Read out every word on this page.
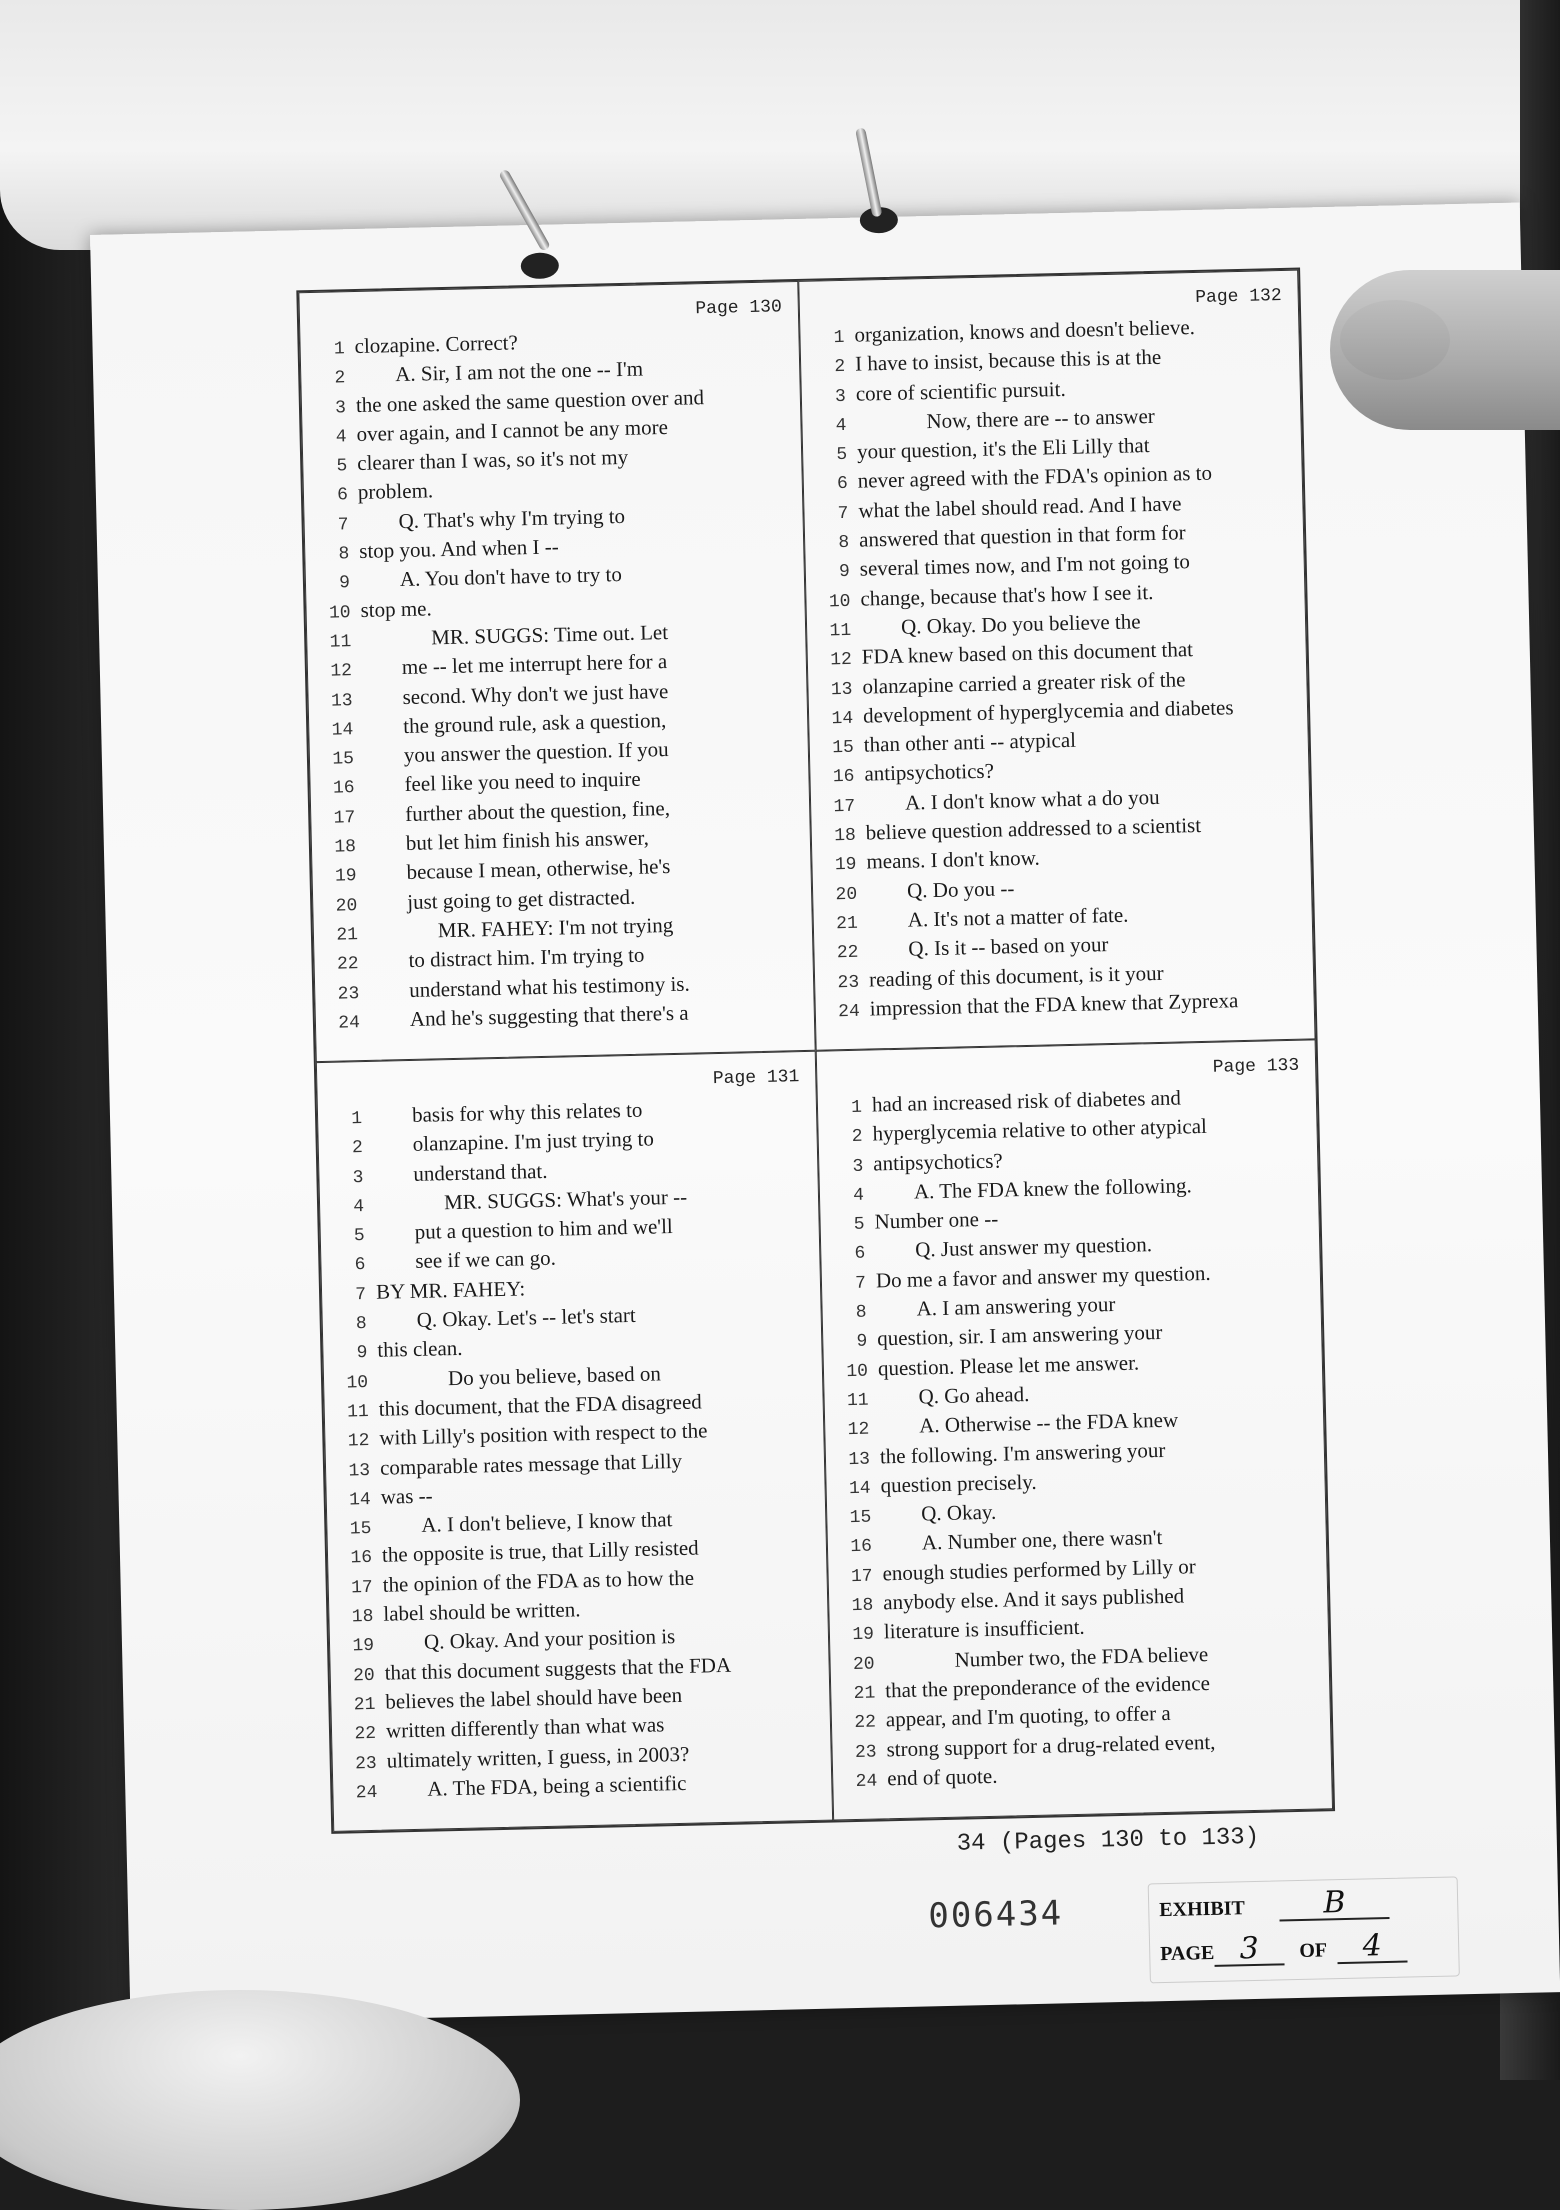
Page 130
1 clozapine. Correct?
2	A. Sir, I am not the one -- I'm
3 the one asked the same question over and
4 over again, and I cannot be any more
5 clearer than I was, so it's not my
6 problem.
7	Q. That's why I'm trying to
8 stop you. And when I --
9	A. You don't have to try to
10 stop me.
11	MR. SUGGS: Time out. Let
12	me -- let me interrupt here for a
13	second. Why don't we just have
14	the ground rule, ask a question,
15	you answer the question. If you
16	feel like you need to inquire
17	further about the question, fine,
18	but let him finish his answer,
19	because I mean, otherwise, he's
20	just going to get distracted.
21	MR. FAHEY: I'm not trying
22	to distract him. I'm trying to
23	understand what his testimony is.
24	And he's suggesting that there's a
Page 132
1 organization, knows and doesn't believe.
2 I have to insist, because this is at the
3 core of scientific pursuit.
4	Now, there are -- to answer
5 your question, it's the Eli Lilly that
6 never agreed with the FDA's opinion as to
7 what the label should read. And I have
8 answered that question in that form for
9 several times now, and I'm not going to
10 change, because that's how I see it.
11	Q. Okay. Do you believe the
12 FDA knew based on this document that
13 olanzapine carried a greater risk of the
14 development of hyperglycemia and diabetes
15 than other anti -- atypical
16 antipsychotics?
17	A. I don't know what a do you
18 believe question addressed to a scientist
19 means. I don't know.
20	Q. Do you --
21	A. It's not a matter of fate.
22	Q. Is it -- based on your
23 reading of this document, is it your
24 impression that the FDA knew that Zyprexa
Page 131
1	basis for why this relates to
2	olanzapine. I'm just trying to
3	understand that.
4	MR. SUGGS: What's your --
5	put a question to him and we'll
6	see if we can go.
7 BY MR. FAHEY:
8	Q. Okay. Let's -- let's start
9 this clean.
10	Do you believe, based on
11 this document, that the FDA disagreed
12 with Lilly's position with respect to the
13 comparable rates message that Lilly
14 was --
15	A. I don't believe, I know that
16 the opposite is true, that Lilly resisted
17 the opinion of the FDA as to how the
18 label should be written.
19	Q. Okay. And your position is
20 that this document suggests that the FDA
21 believes the label should have been
22 written differently than what was
23 ultimately written, I guess, in 2003?
24	A. The FDA, being a scientific
Page 133
1 had an increased risk of diabetes and
2 hyperglycemia relative to other atypical
3 antipsychotics?
4	A. The FDA knew the following.
5 Number one --
6	Q. Just answer my question.
7 Do me a favor and answer my question.
8	A. I am answering your
9 question, sir. I am answering your
10 question. Please let me answer.
11	Q. Go ahead.
12	A. Otherwise -- the FDA knew
13 the following. I'm answering your
14 question precisely.
15	Q. Okay.
16	A. Number one, there wasn't
17 enough studies performed by Lilly or
18 anybody else. And it says published
19 literature is insufficient.
20	Number two, the FDA believe
21 that the preponderance of the evidence
22 appear, and I'm quoting, to offer a
23 strong support for a drug-related event,
24 end of quote.
34 (Pages 130 to 133)
006434	EXHIBIT	B
PAGE 3 OF 4
